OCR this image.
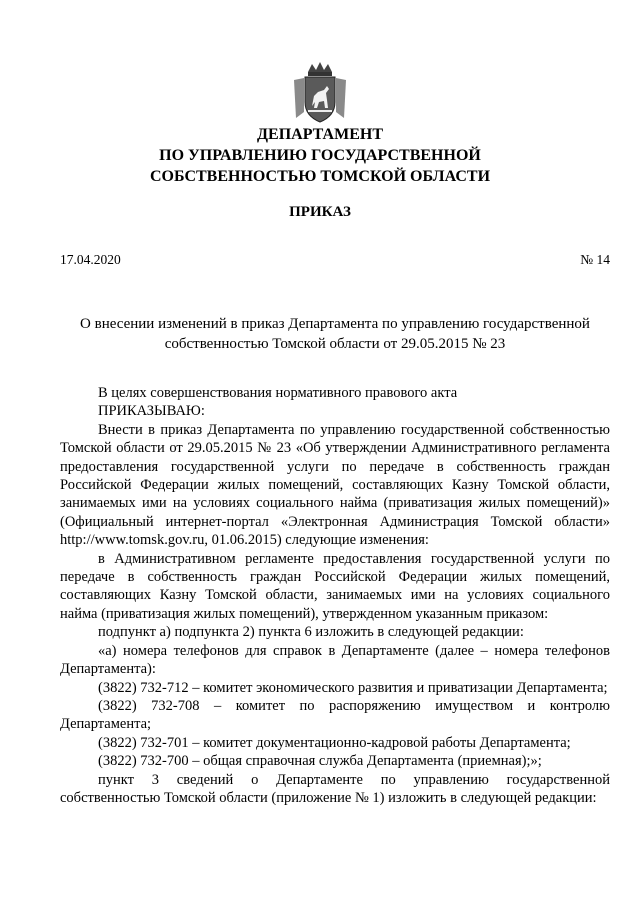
ДЕПАРТАМЕНТ
ПО УПРАВЛЕНИЮ ГОСУДАРСТВЕННОЙ
СОБСТВЕННОСТЬЮ ТОМСКОЙ ОБЛАСТИ
ПРИКАЗ
17.04.2020	№ 14
О внесении изменений в приказ Департамента по управлению государственной
собственностью Томской области от 29.05.2015 № 23

В целях совершенствования нормативного правового акта

ПРИКАЗЫВАЮ:

Внести в приказ Департамента по управлению государственной собственностью Томской области от 29.05.2015 № 23 «Об утверждении Административного регламента предоставления государственной услуги по передаче в собственность граждан Российской Федерации жилых помещений, составляющих Казну Томской области, занимаемых ими на условиях социального найма (приватизация жилых помещений)» (Официальный интернет-портал «Электронная Администрация Томской области» http://www.tomsk.gov.ru, 01.06.2015) следующие изменения:

в Административном регламенте предоставления государственной услуги по передаче в собственность граждан Российской Федерации жилых помещений, составляющих Казну Томской области, занимаемых ими на условиях социального найма (приватизация жилых помещений), утвержденном указанным приказом:

подпункт а) подпункта 2) пункта 6 изложить в следующей редакции:

«а) номера телефонов для справок в Департаменте (далее – номера телефонов Департамента):

(3822) 732-712 – комитет экономического развития и приватизации Департамента;

(3822) 732-708 – комитет по распоряжению имуществом и контролю Департамента;

(3822) 732-701 – комитет документационно-кадровой работы Департамента;

(3822) 732-700 – общая справочная служба Департамента (приемная);»;

пункт 3 сведений о Департаменте по управлению государственной собственностью Томской области (приложение № 1) изложить в следующей редакции:
